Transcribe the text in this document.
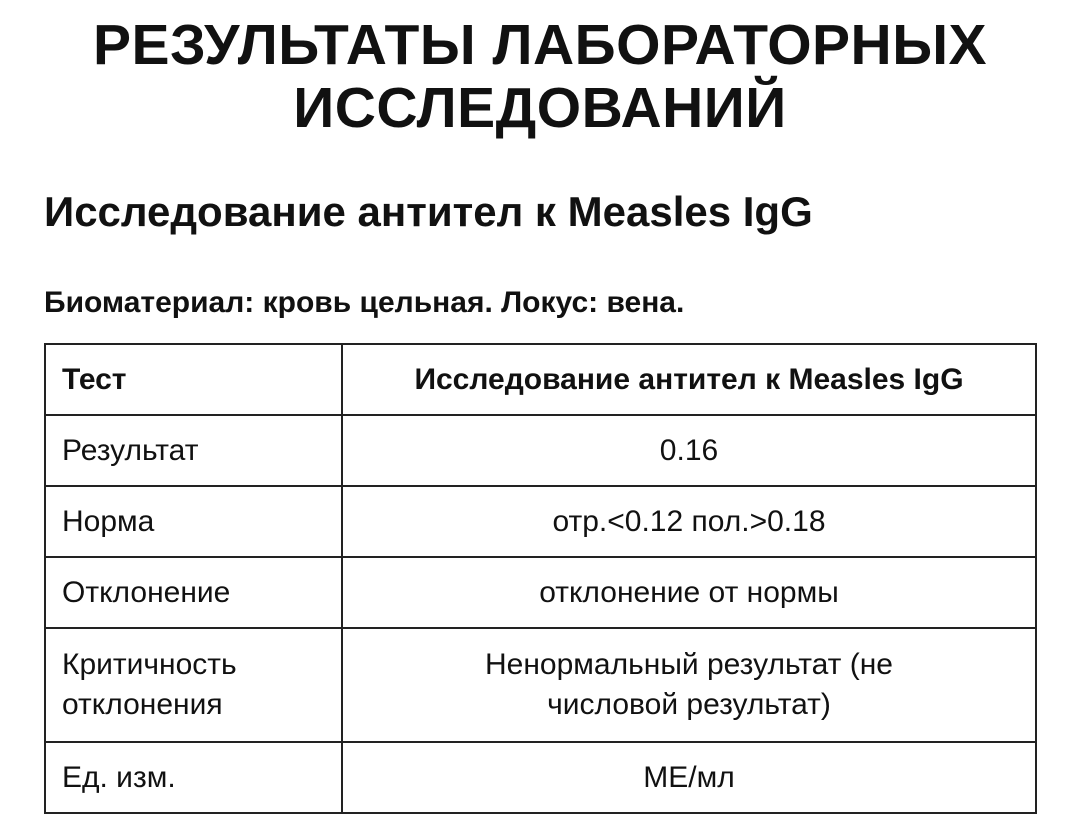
РЕЗУЛЬТАТЫ ЛАБОРАТОРНЫХ
ИССЛЕДОВАНИЙ
Исследование антител к Measles IgG

Биоматериал: кровь цельная. Локус: вена.

Тест	Исследование антител к Measles IgG
Результат	0.16
Норма	отр.<0.12 пол.>0.18
Отклонение	отклонение от нормы
Критичность
отклонения	Ненормальный результат (не
числовой результат)
Ед. изм.	МЕ/мл
